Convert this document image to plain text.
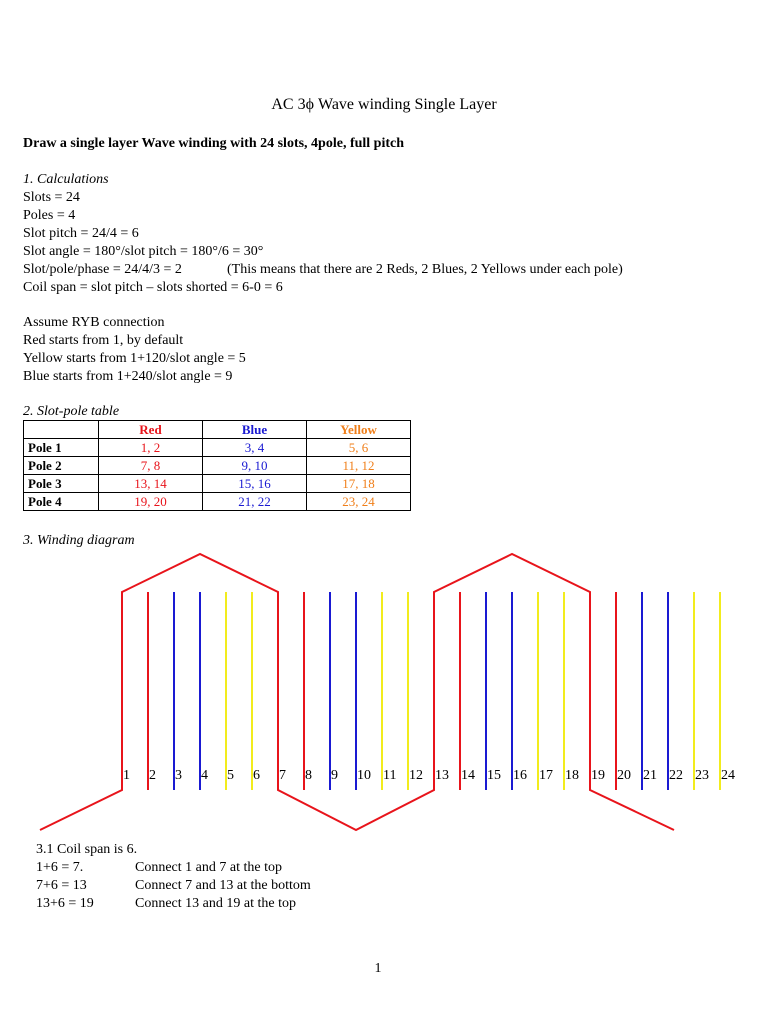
AC 3ϕ Wave winding Single Layer
Draw a single layer Wave winding with 24 slots, 4pole, full pitch
1. Calculations
Slots = 24
Poles = 4
Slot pitch = 24/4 = 6
Slot angle = 180°/slot pitch = 180°/6 = 30°
Slot/pole/phase = 24/4/3 = 2	(This means that there are 2 Reds, 2 Blues, 2 Yellows under each pole)
Coil span = slot pitch – slots shorted = 6-0 = 6
Assume RYB connection
Red starts from 1, by default
Yellow starts from 1+120/slot angle = 5
Blue starts from 1+240/slot angle = 9
2. Slot-pole table
	Red	Blue	Yellow
Pole 1	1, 2	3, 4	5, 6
Pole 2	7, 8	9, 10	11, 12
Pole 3	13, 14	15, 16	17, 18
Pole 4	19, 20	21, 22	23, 24
3. Winding diagram
1 2 3 4 5 6 7 8 9 10 11 12 13 14 15 16 17 18 19 20 21 22 23 24
3.1 Coil span is 6.
1+6 = 7.	Connect 1 and 7 at the top
7+6 = 13	Connect 7 and 13 at the bottom
13+6 = 19	Connect 13 and 19 at the top
1
